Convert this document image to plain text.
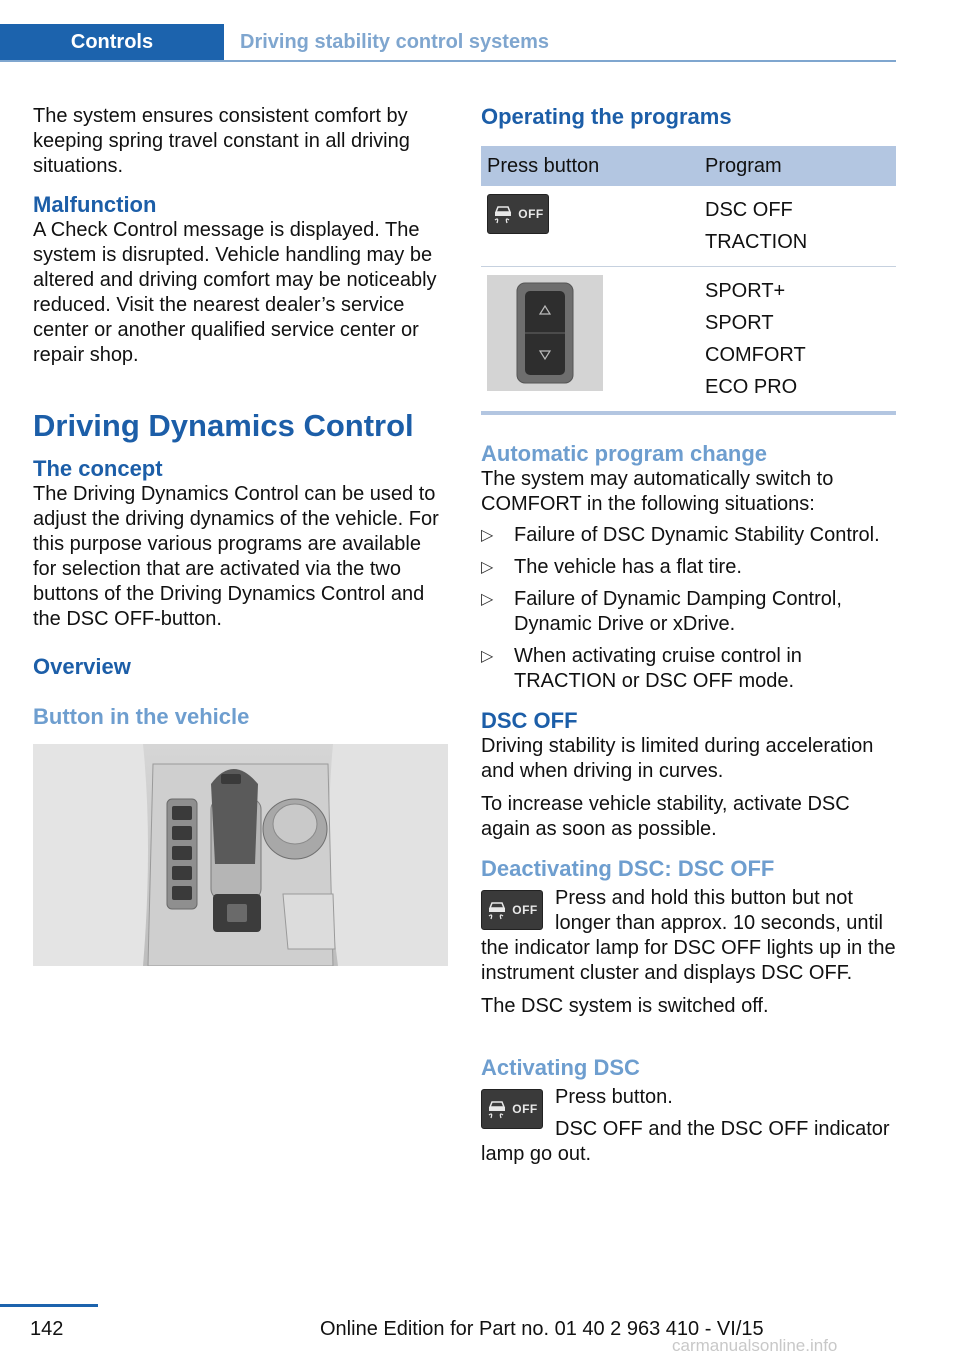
Controls	Driving stability control systems

The system ensures consistent comfort by keeping spring travel constant in all driving situations.

Malfunction

A Check Control message is displayed. The system is disrupted. Vehicle handling may be altered and driving comfort may be noticeably reduced. Visit the nearest dealer’s service center or another qualified service center or repair shop.

Driving Dynamics Control
The concept

The Driving Dynamics Control can be used to adjust the driving dynamics of the vehicle. For this purpose various programs are available for selection that are activated via the two buttons of the Driving Dynamics Control and the DSC OFF-button.

Overview
Button in the vehicle
Operating the programs
Press button	Program

OFF	DSC OFF
TRACTION

SPORT+
SPORT
COMFORT
ECO PRO
Automatic program change

The system may automatically switch to COMFORT in the following situations:

▷ Failure of DSC Dynamic Stability Control.
▷ The vehicle has a flat tire.
▷ Failure of Dynamic Damping Control, Dynamic Drive or xDrive.
▷ When activating cruise control in TRACTION or DSC OFF mode.
DSC OFF

Driving stability is limited during acceleration and when driving in curves.

To increase vehicle stability, activate DSC again as soon as possible.

Deactivating DSC: DSC OFF
OFF

Press and hold this button but not longer than approx. 10 seconds, until the indicator lamp for DSC OFF lights up in the instrument cluster and displays DSC OFF.

The DSC system is switched off.

Activating DSC
OFF

Press button.

DSC OFF and the DSC OFF indicator lamp go out.

142	Online Edition for Part no. 01 40 2 963 410 - VI/15
carmanualsonline.info
